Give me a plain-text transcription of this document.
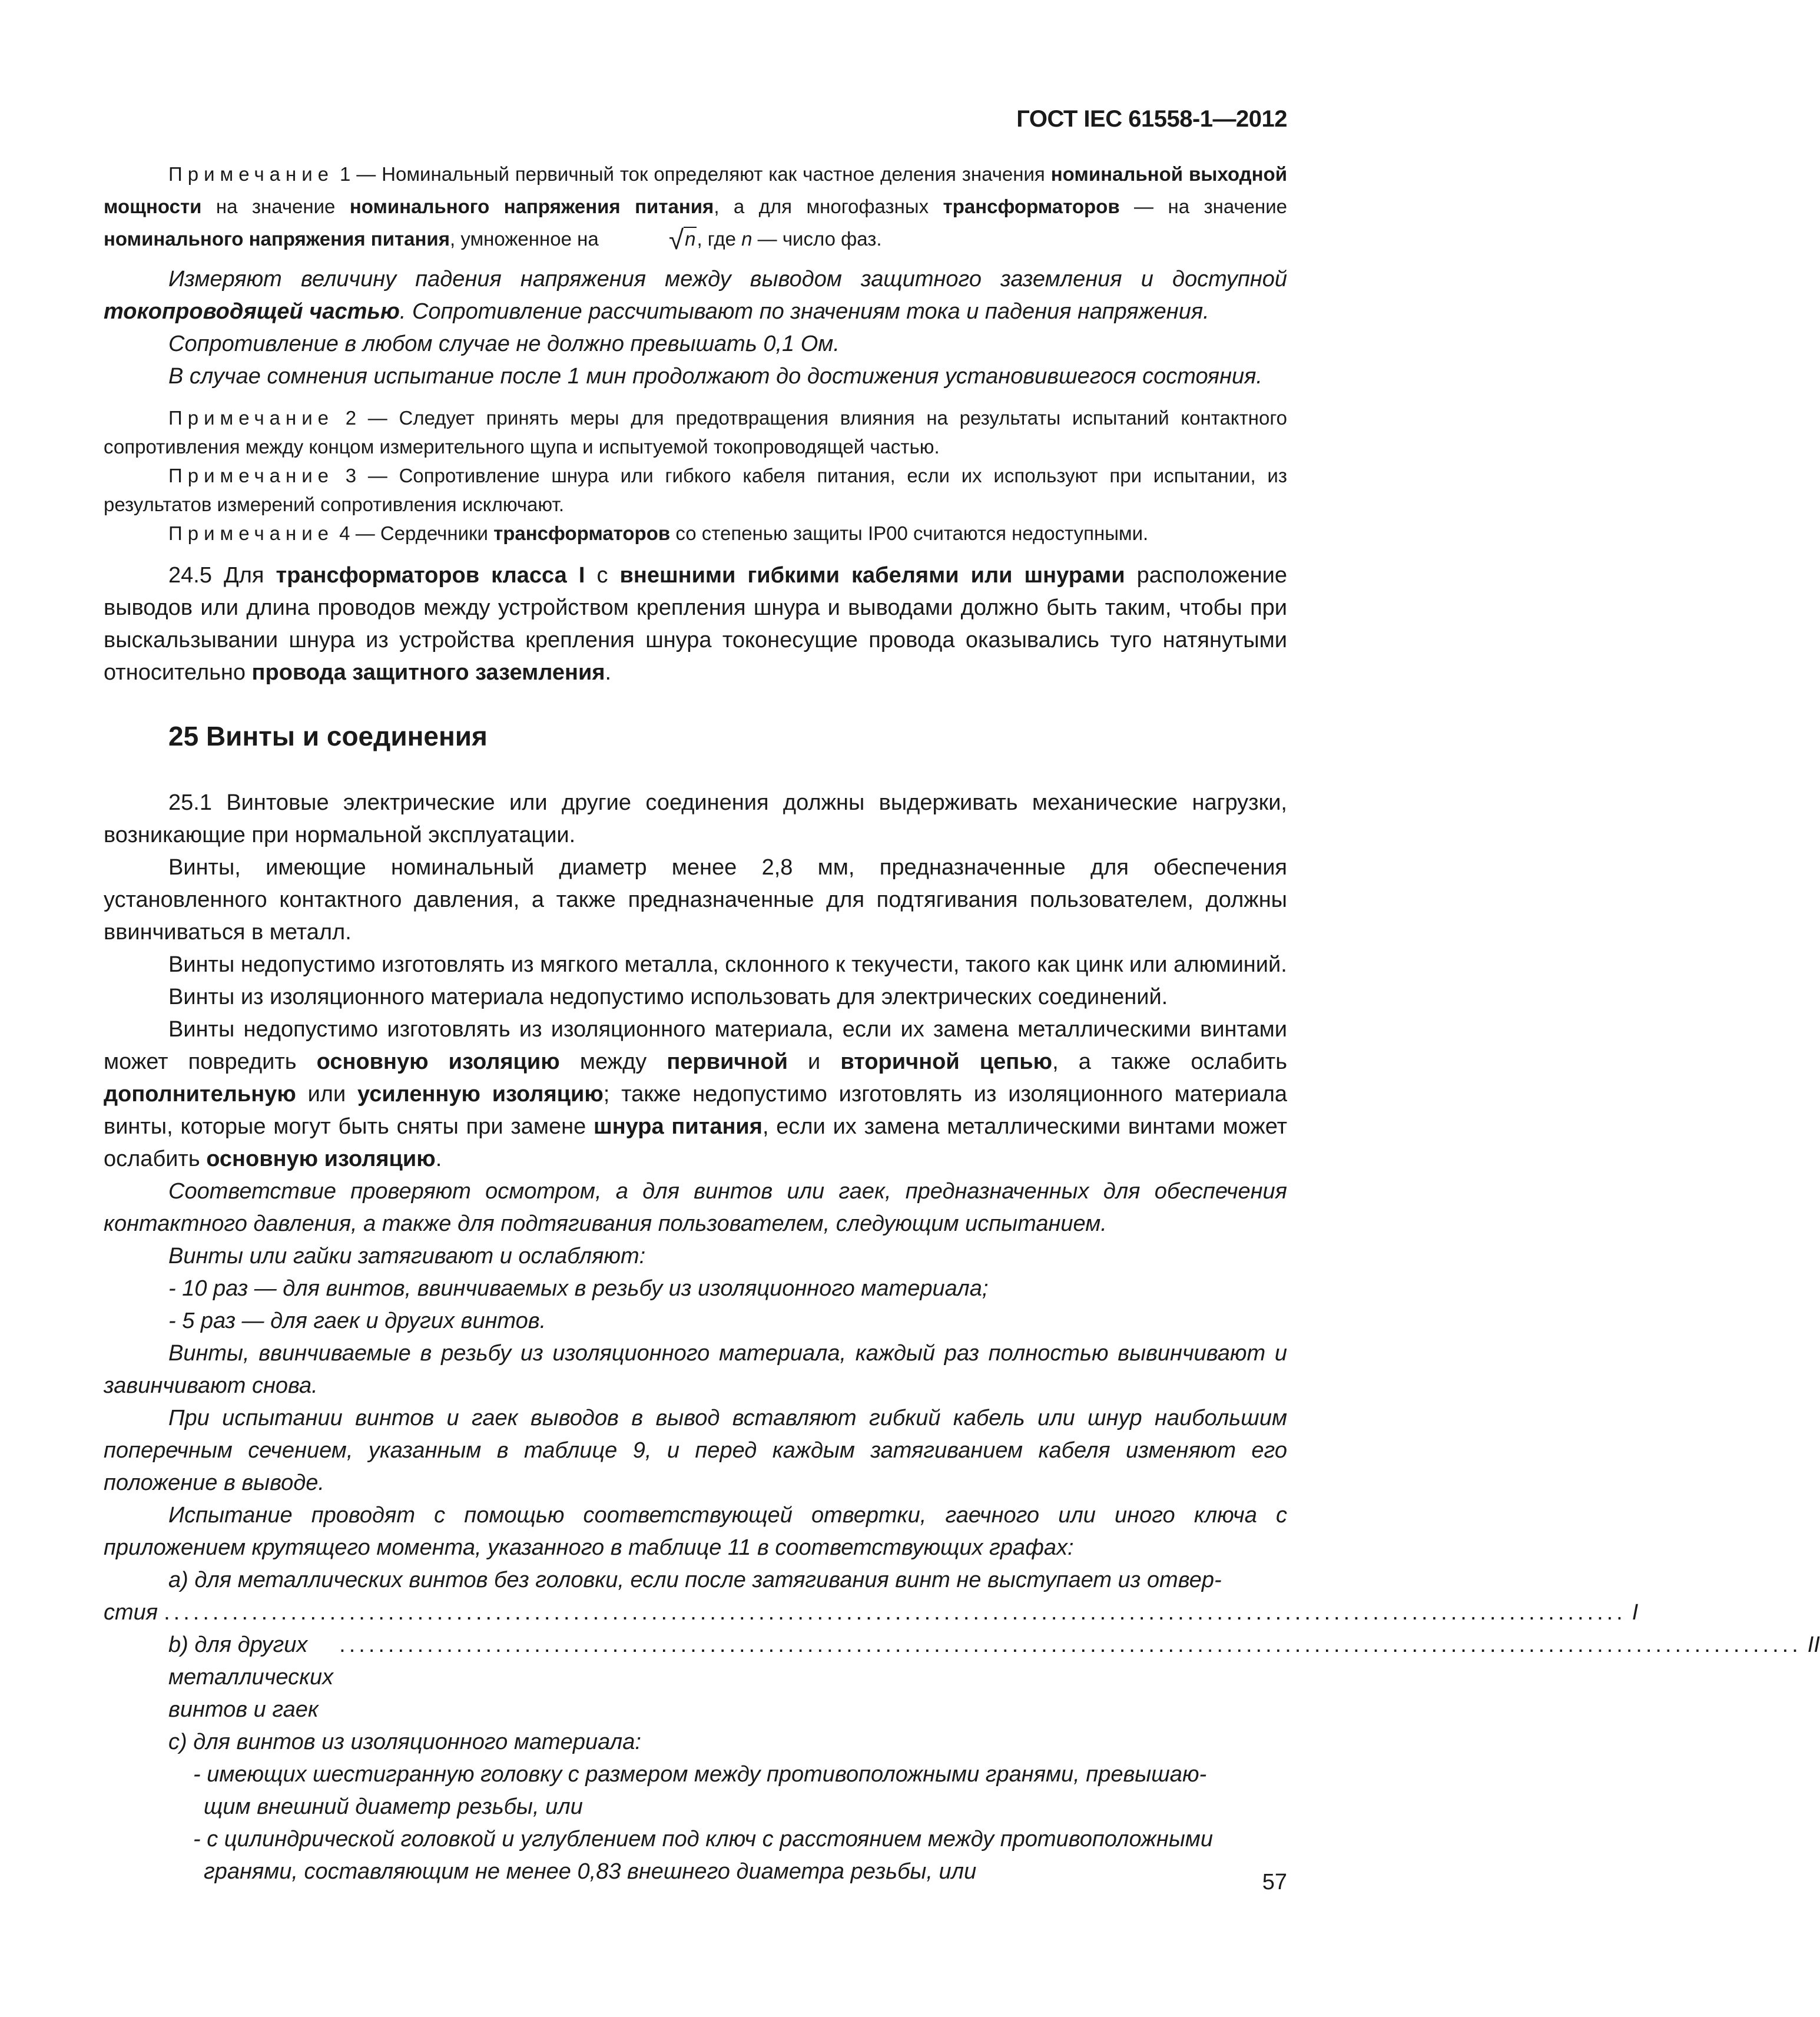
ГОСТ IEC 61558-1—2012

Примечание 1 — Номинальный первичный ток определяют как частное деления значения номинальной выходной мощности на значение номинального напряжения питания, а для многофазных трансформаторов — на значение номинального напряжения питания, умноженное на √n, где n — число фаз.

Измеряют величину падения напряжения между выводом защитного заземления и доступной токопроводящей частью. Сопротивление рассчитывают по значениям тока и падения напряжения.

Сопротивление в любом случае не должно превышать 0,1 Ом.

В случае сомнения испытание после 1 мин продолжают до достижения установившегося состояния.

Примечание 2 — Следует принять меры для предотвращения влияния на результаты испытаний контактного сопротивления между концом измерительного щупа и испытуемой токопроводящей частью.

Примечание 3 — Сопротивление шнура или гибкого кабеля питания, если их используют при испытании, из результатов измерений сопротивления исключают.

Примечание 4 — Сердечники трансформаторов со степенью защиты IP00 считаются недоступными.

24.5 Для трансформаторов класса I с внешними гибкими кабелями или шнурами расположение выводов или длина проводов между устройством крепления шнура и выводами должно быть таким, чтобы при выскальзывании шнура из устройства крепления шнура токонесущие провода оказывались туго натянутыми относительно провода защитного заземления.

25 Винты и соединения

25.1 Винтовые электрические или другие соединения должны выдерживать механические нагрузки, возникающие при нормальной эксплуатации.

Винты, имеющие номинальный диаметр менее 2,8 мм, предназначенные для обеспечения установленного контактного давления, а также предназначенные для подтягивания пользователем, должны ввинчиваться в металл.

Винты недопустимо изготовлять из мягкого металла, склонного к текучести, такого как цинк или алюминий.

Винты из изоляционного материала недопустимо использовать для электрических соединений.

Винты недопустимо изготовлять из изоляционного материала, если их замена металлическими винтами может повредить основную изоляцию между первичной и вторичной цепью, а также ослабить дополнительную или усиленную изоляцию; также недопустимо изготовлять из изоляционного материала винты, которые могут быть сняты при замене шнура питания, если их замена металлическими винтами может ослабить основную изоляцию.

Соответствие проверяют осмотром, а для винтов или гаек, предназначенных для обеспечения контактного давления, а также для подтягивания пользователем, следующим испытанием.

Винты или гайки затягивают и ослабляют:

- 10 раз — для винтов, ввинчиваемых в резьбу из изоляционного материала;

- 5 раз — для гаек и других винтов.

Винты, ввинчиваемые в резьбу из изоляционного материала, каждый раз полностью вывинчивают и завинчивают снова.

При испытании винтов и гаек выводов в вывод вставляют гибкий кабель или шнур наибольшим поперечным сечением, указанным в таблице 9, и перед каждым затягиванием кабеля изменяют его положение в выводе.

Испытание проводят с помощью соответствующей отвертки, гаечного или иного ключа с приложением крутящего момента, указанного в таблице 11 в соответствующих графах:

а) для металлических винтов без головки, если после затягивания винт не выступает из отвер-

стия ...................................................................................................................................................... I
b) для других металлических винтов и гаек
...................................................................................................................................................... II

с) для винтов из изоляционного материала:

- имеющих шестигранную головку с размером между противоположными гранями, превышаю-
щим внешний диаметр резьбы, или

- с цилиндрической головкой и углублением под ключ с расстоянием между противоположными
гранями, составляющим не менее 0,83 внешнего диаметра резьбы, или	57
